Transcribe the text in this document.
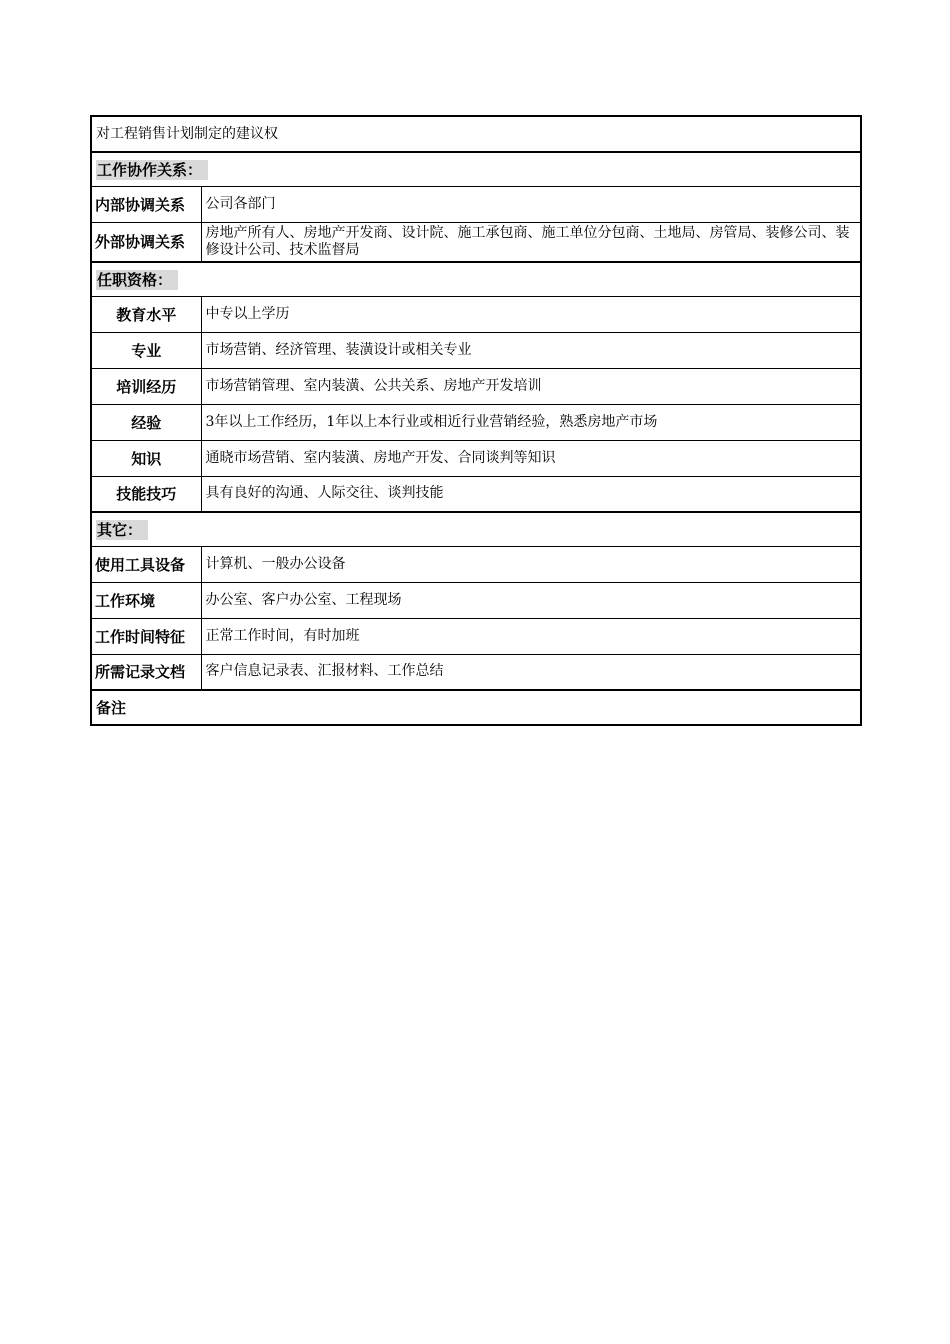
对工程销售计划制定的建议权	
工作协作关系：	
内部协调关系	公司各部门
外部协调关系	房地产所有人、房地产开发商、设计院、施工承包商、施工单位分包商、土地局、房管局、装修公司、装修设计公司、技术监督局
任职资格：	
教育水平	中专以上学历
专业	市场营销、经济管理、装潢设计或相关专业
培训经历	市场营销管理、室内装潢、公共关系、房地产开发培训
经验	3年以上工作经历，1年以上本行业或相近行业营销经验，熟悉房地产市场
知识	通晓市场营销、室内装潢、房地产开发、合同谈判等知识
技能技巧	具有良好的沟通、人际交往、谈判技能
其它：	
使用工具设备	计算机、一般办公设备
工作环境	办公室、客户办公室、工程现场
工作时间特征	正常工作时间，有时加班
所需记录文档	客户信息记录表、汇报材料、工作总结
备注	
